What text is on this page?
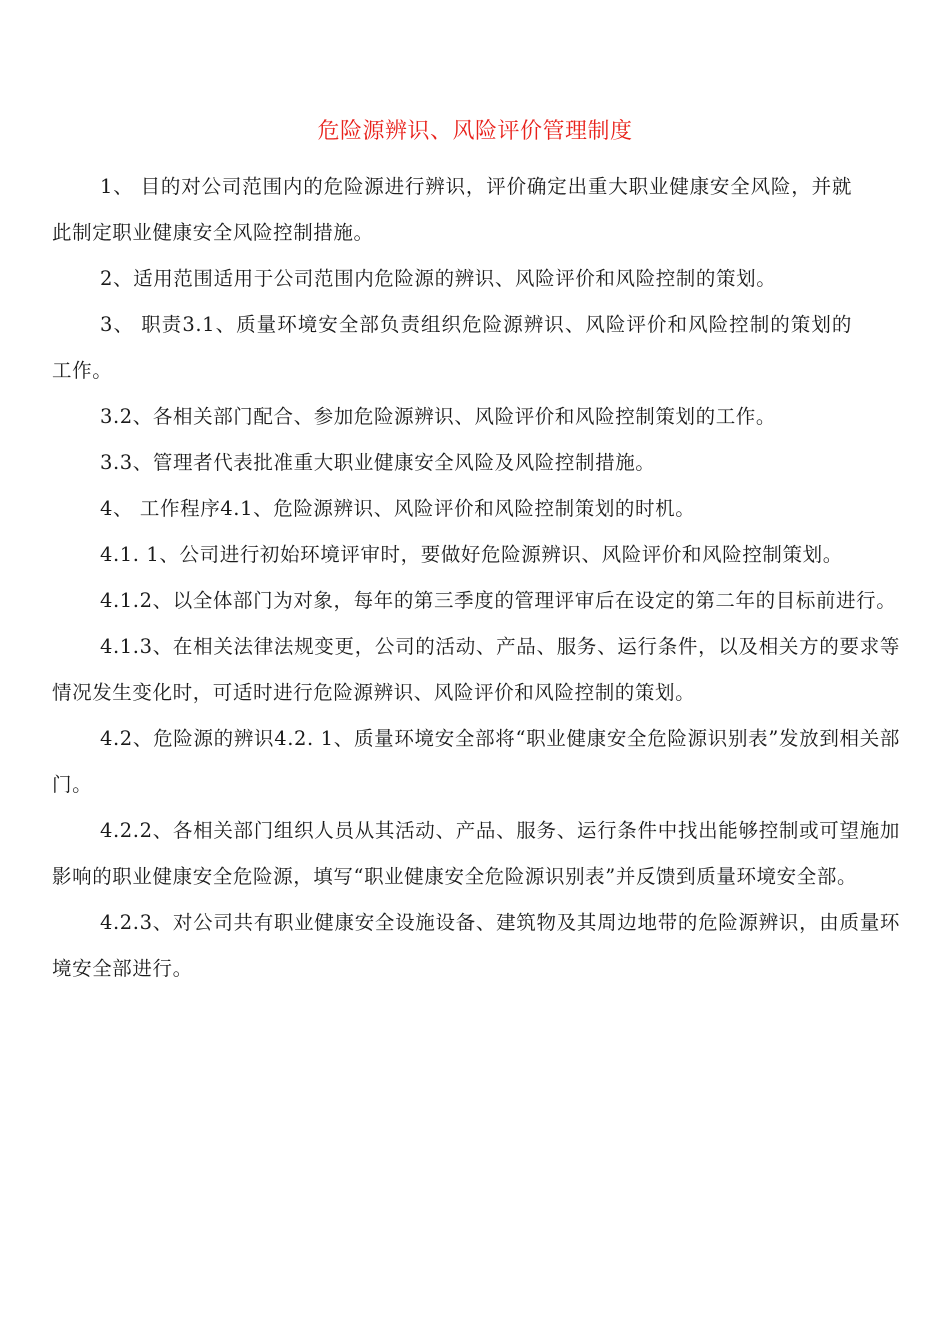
危险源辨识、风险评价管理制度

1、 目的对公司范围内的危险源进行辨识，评价确定出重大职业健康安全风险，并就此制定职业健康安全风险控制措施。

2、适用范围适用于公司范围内危险源的辨识、风险评价和风险控制的策划。

3、 职责3.1、质量环境安全部负责组织危险源辨识、风险评价和风险控制的策划的工作。

3.2、各相关部门配合、参加危险源辨识、风险评价和风险控制策划的工作。

3.3、管理者代表批准重大职业健康安全风险及风险控制措施。

4、 工作程序4.1、危险源辨识、风险评价和风险控制策划的时机。

4.1. 1、公司进行初始环境评审时，要做好危险源辨识、风险评价和风险控制策划。

4.1.2、以全体部门为对象，每年的第三季度的管理评审后在设定的第二年的目标前进行。

4.1.3、在相关法律法规变更，公司的活动、产品、服务、运行条件，以及相关方的要求等情况发生变化时，可适时进行危险源辨识、风险评价和风险控制的策划。

4.2、危险源的辨识4.2. 1、质量环境安全部将“职业健康安全危险源识别表”发放到相关部门。

4.2.2、各相关部门组织人员从其活动、产品、服务、运行条件中找出能够控制或可望施加影响的职业健康安全危险源，填写“职业健康安全危险源识别表”并反馈到质量环境安全部。

4.2.3、对公司共有职业健康安全设施设备、建筑物及其周边地带的危险源辨识，由质量环境安全部进行。
